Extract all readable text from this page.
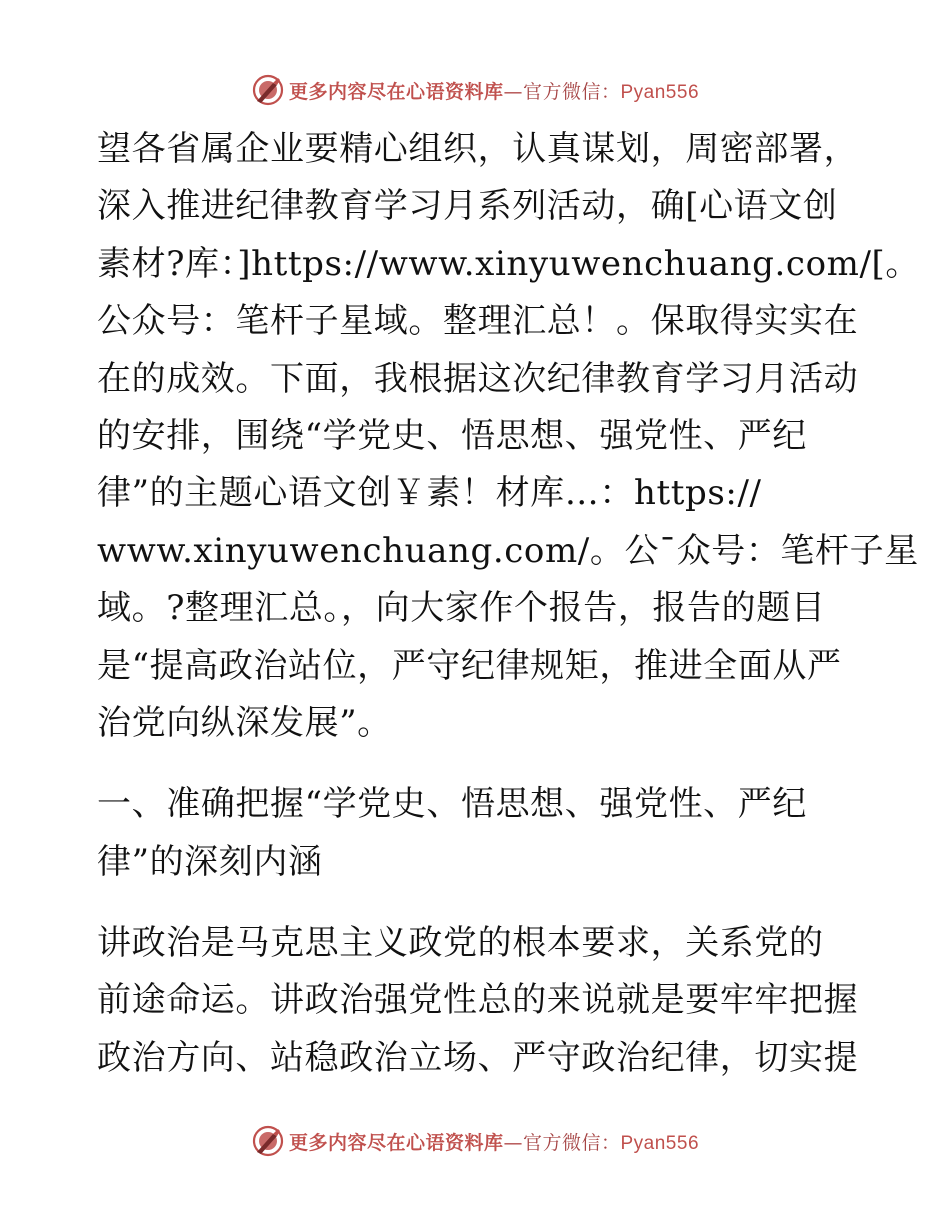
更多内容尽在心语资料库—官方微信：Pyan556
望各省属企业要精心组织，认真谋划，周密部署，
深入推进纪律教育学习月系列活动，确[心语文创
素材?库：]https://www.xinyuwenchuang.com/[。
公众号：笔杆子星域。整理汇总！。保取得实实在
在的成效。下面，我根据这次纪律教育学习月活动
的安排，围绕“学党史、悟思想、强党性、严纪
律”的主题心语文创￥素！材库…：https://
www.xinyuwenchuang.com/。公¯众号：笔杆子星
域。?整理汇总。，向大家作个报告，报告的题目
是“提高政治站位，严守纪律规矩，推进全面从严
治党向纵深发展”。
一、准确把握“学党史、悟思想、强党性、严纪
律”的深刻内涵
讲政治是马克思主义政党的根本要求，关系党的
前途命运。讲政治强党性总的来说就是要牢牢把握
政治方向、站稳政治立场、严守政治纪律，切实提
更多内容尽在心语资料库—官方微信：Pyan556
